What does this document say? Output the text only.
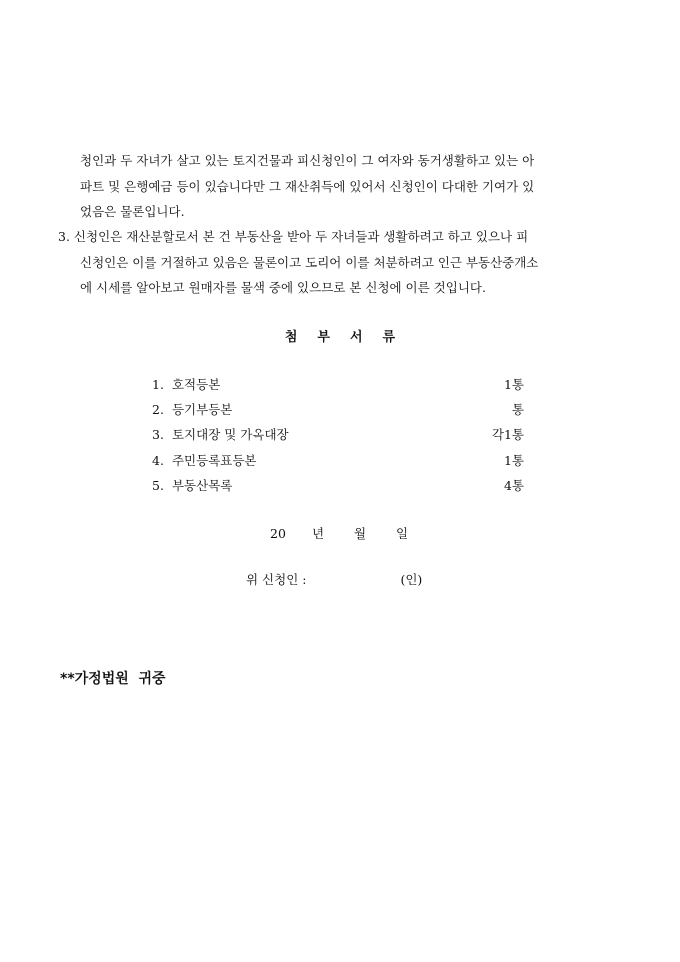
청인과 두 자녀가 살고 있는 토지건물과 피신청인이 그 여자와 동거생활하고 있는 아
파트 및 은행예금 등이 있습니다만 그 재산취득에 있어서 신청인이 다대한 기여가 있
었음은 물론입니다.
3. 신청인은 재산분할로서 본 건 부동산을 받아 두 자녀들과 생활하려고 하고 있으나 피
신청인은 이를 거절하고 있음은 물론이고 도리어 이를 처분하려고 인근 부동산중개소
에 시세를 알아보고 원매자를 물색 중에 있으므로 본 신청에 이른 것입니다.
첨부서류
1. 호적등본	1통
2. 등기부등본	통
3. 토지대장 및 가옥대장	각1통
4. 주민등록표등본	1통
5. 부동산목록	4통
20 년 월 일
위 신청인 :	(인)
**가정법원  귀중
